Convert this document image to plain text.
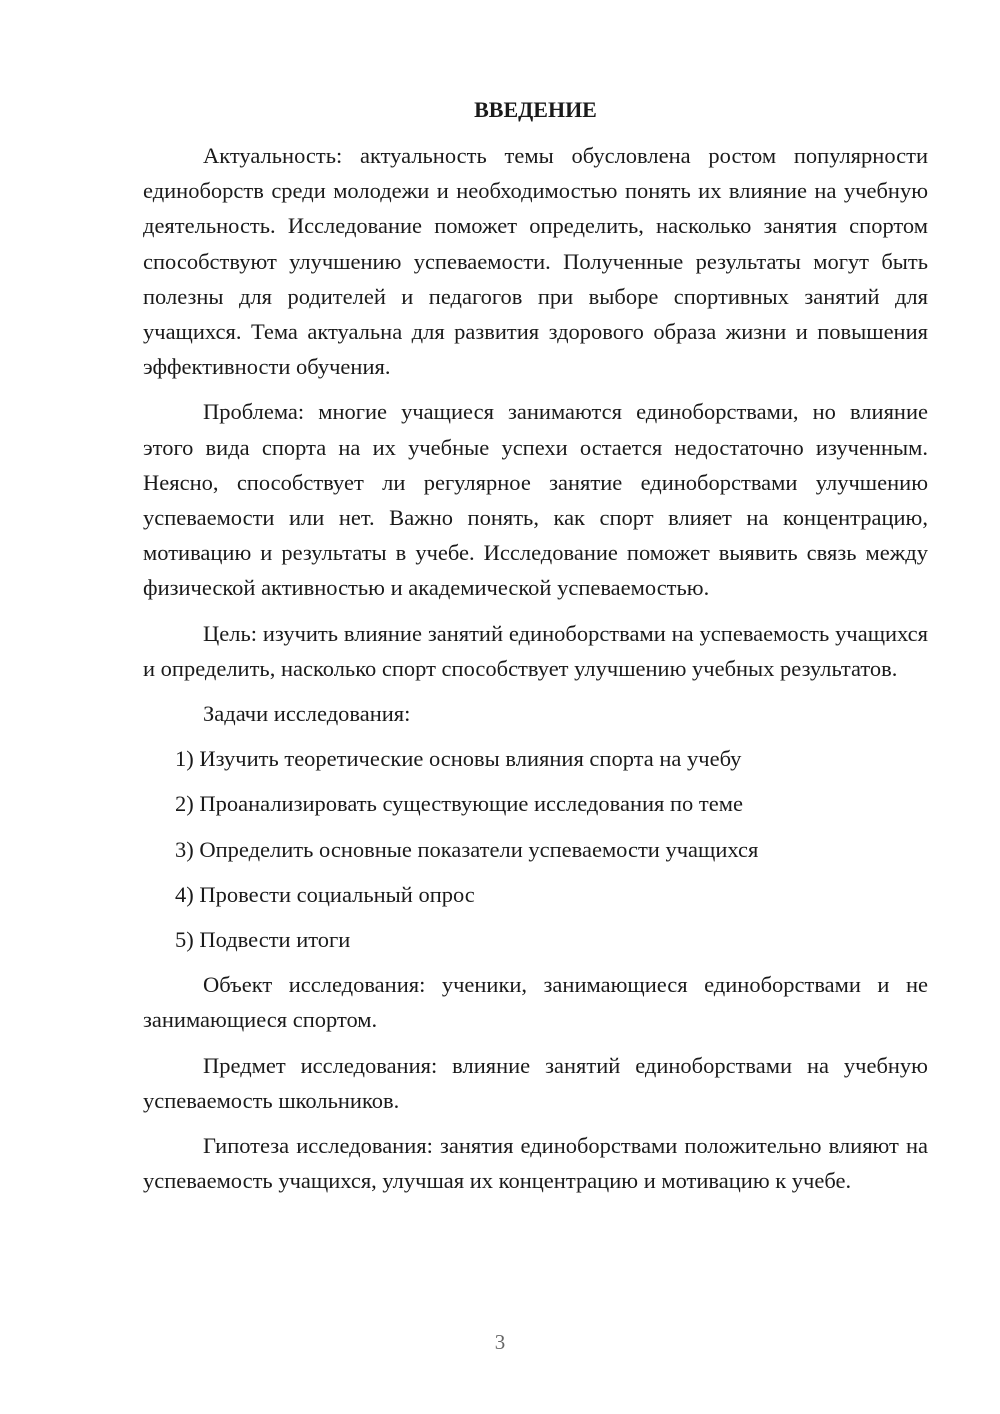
ВВЕДЕНИЕ

Актуальность: актуальность темы обусловлена ростом популярности единоборств среди молодежи и необходимостью понять их влияние на учебную деятельность. Исследование поможет определить, насколько занятия спортом способствуют улучшению успеваемости. Полученные результаты могут быть полезны для родителей и педагогов при выборе спортивных занятий для учащихся. Тема актуальна для развития здорового образа жизни и повышения эффективности обучения.

Проблема: многие учащиеся занимаются единоборствами, но влияние этого вида спорта на их учебные успехи остается недостаточно изученным. Неясно, способствует ли регулярное занятие единоборствами улучшению успеваемости или нет. Важно понять, как спорт влияет на концентрацию, мотивацию и результаты в учебе. Исследование поможет выявить связь между физической активностью и академической успеваемостью.

Цель: изучить влияние занятий единоборствами на успеваемость учащихся и определить, насколько спорт способствует улучшению учебных результатов.

Задачи исследования:
1) Изучить теоретические основы влияния спорта на учебу
2) Проанализировать существующие исследования по теме
3) Определить основные показатели успеваемости учащихся
4) Провести социальный опрос
5) Подвести итоги

Объект исследования: ученики, занимающиеся единоборствами и не занимающиеся спортом.

Предмет исследования: влияние занятий единоборствами на учебную успеваемость школьников.

Гипотеза исследования: занятия единоборствами положительно влияют на успеваемость учащихся, улучшая их концентрацию и мотивацию к учебе.

3
